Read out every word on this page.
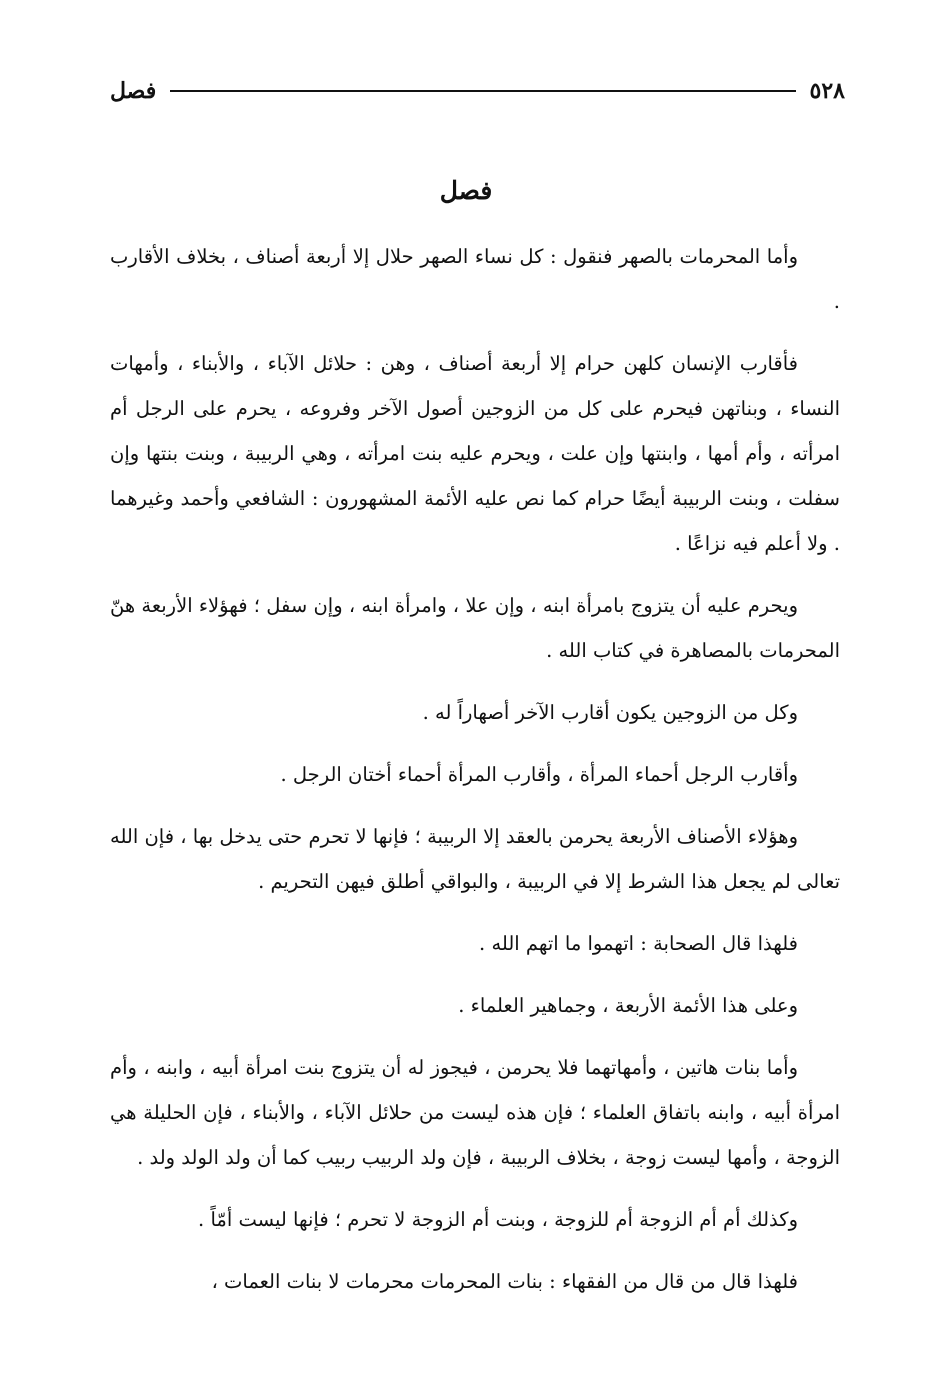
فصل	٥٢٨
فصل

وأما المحرمات بالصهر فنقول : كل نساء الصهر حلال إلا أربعة أصناف ، بخلاف الأقارب .

فأقارب الإنسان كلهن حرام إلا أربعة أصناف ، وهن : حلائل الآباء ، والأبناء ، وأمهات النساء ، وبناتهن فيحرم على كل من الزوجين أصول الآخر وفروعه ، يحرم على الرجل أم امرأته ، وأم أمها ، وابنتها وإن علت ، ويحرم عليه بنت امرأته ، وهي الربيبة ، وبنت بنتها وإن سفلت ، وبنت الربيبة أيضًا حرام كما نص عليه الأئمة المشهورون : الشافعي وأحمد وغيرهما . ولا أعلم فيه نزاعًا .

ويحرم عليه أن يتزوج بامرأة ابنه ، وإن علا ، وامرأة ابنه ، وإن سفل ؛ فهؤلاء الأربعة هنّ المحرمات بالمصاهرة في كتاب الله .

وكل من الزوجين يكون أقارب الآخر أصهاراً له .

وأقارب الرجل أحماء المرأة ، وأقارب المرأة أحماء أختان الرجل .

وهؤلاء الأصناف الأربعة يحرمن بالعقد إلا الربيبة ؛ فإنها لا تحرم حتى يدخل بها ، فإن الله تعالى لم يجعل هذا الشرط إلا في الربيبة ، والبواقي أطلق فيهن التحريم .

فلهذا قال الصحابة : اتهموا ما اتهم الله .

وعلى هذا الأئمة الأربعة ، وجماهير العلماء .

وأما بنات هاتين ، وأمهاتهما فلا يحرمن ، فيجوز له أن يتزوج بنت امرأة أبيه ، وابنه ، وأم امرأة أبيه ، وابنه باتفاق العلماء ؛ فإن هذه ليست من حلائل الآباء ، والأبناء ، فإن الحليلة هي الزوجة ، وأمها ليست زوجة ، بخلاف الربيبة ، فإن ولد الربيب ربيب كما أن ولد الولد ولد .

وكذلك أم أم الزوجة أم للزوجة ، وبنت أم الزوجة لا تحرم ؛ فإنها ليست أمّاً .

فلهذا قال من قال من الفقهاء : بنات المحرمات محرمات لا بنات العمات ،
